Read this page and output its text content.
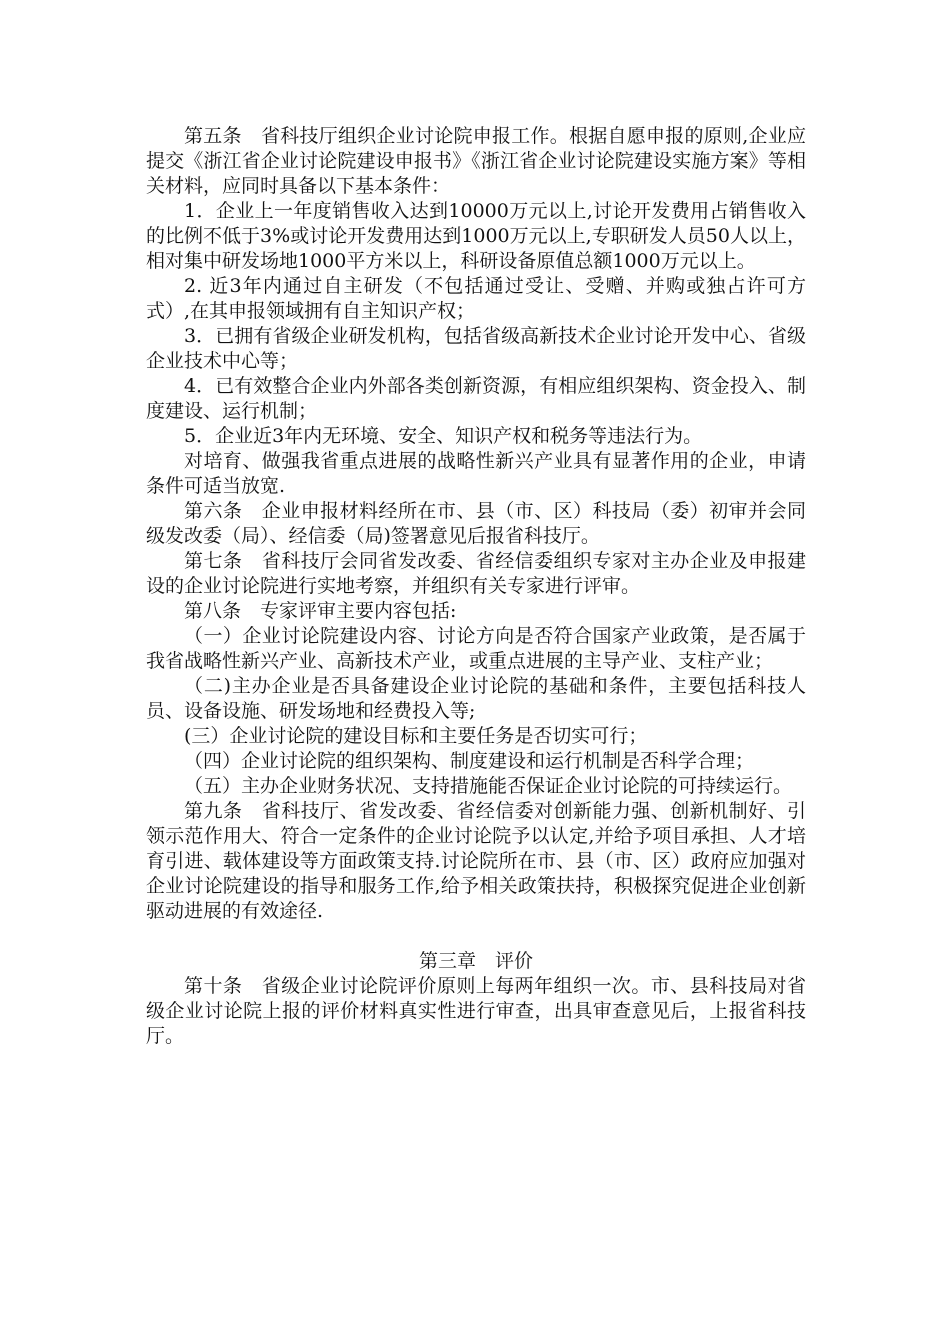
第五条　省科技厅组织企业讨论院申报工作。根据自愿申报的原则,企业应提交《浙江省企业讨论院建设申报书》《浙江省企业讨论院建设实施方案》等相关材料，应同时具备以下基本条件：

1．企业上一年度销售收入达到10000万元以上,讨论开发费用占销售收入的比例不低于3%或讨论开发费用达到1000万元以上,专职研发人员50人以上，相对集中研发场地1000平方米以上，科研设备原值总额1000万元以上。

2. 近3年内通过自主研发（不包括通过受让、受赠、并购或独占许可方式）,在其申报领域拥有自主知识产权；

3．已拥有省级企业研发机构，包括省级高新技术企业讨论开发中心、省级企业技术中心等；

4．已有效整合企业内外部各类创新资源，有相应组织架构、资金投入、制度建设、运行机制；

5．企业近3年内无环境、安全、知识产权和税务等违法行为。

对培育、做强我省重点进展的战略性新兴产业具有显著作用的企业，申请条件可适当放宽.

第六条　企业申报材料经所在市、县（市、区）科技局（委）初审并会同级发改委（局）、经信委（局)签署意见后报省科技厅。

第七条　省科技厅会同省发改委、省经信委组织专家对主办企业及申报建设的企业讨论院进行实地考察，并组织有关专家进行评审。

第八条　专家评审主要内容包括:

（一）企业讨论院建设内容、讨论方向是否符合国家产业政策，是否属于我省战略性新兴产业、高新技术产业，或重点进展的主导产业、支柱产业；

（二)主办企业是否具备建设企业讨论院的基础和条件，主要包括科技人员、设备设施、研发场地和经费投入等;

(三）企业讨论院的建设目标和主要任务是否切实可行；

（四）企业讨论院的组织架构、制度建设和运行机制是否科学合理；

（五）主办企业财务状况、支持措施能否保证企业讨论院的可持续运行。

第九条　省科技厅、省发改委、省经信委对创新能力强、创新机制好、引领示范作用大、符合一定条件的企业讨论院予以认定,并给予项目承担、人才培育引进、载体建设等方面政策支持.讨论院所在市、县（市、区）政府应加强对企业讨论院建设的指导和服务工作,给予相关政策扶持，积极探究促进企业创新驱动进展的有效途径.

第三章　评价

第十条　省级企业讨论院评价原则上每两年组织一次。市、县科技局对省级企业讨论院上报的评价材料真实性进行审查，出具审查意见后，上报省科技厅。
